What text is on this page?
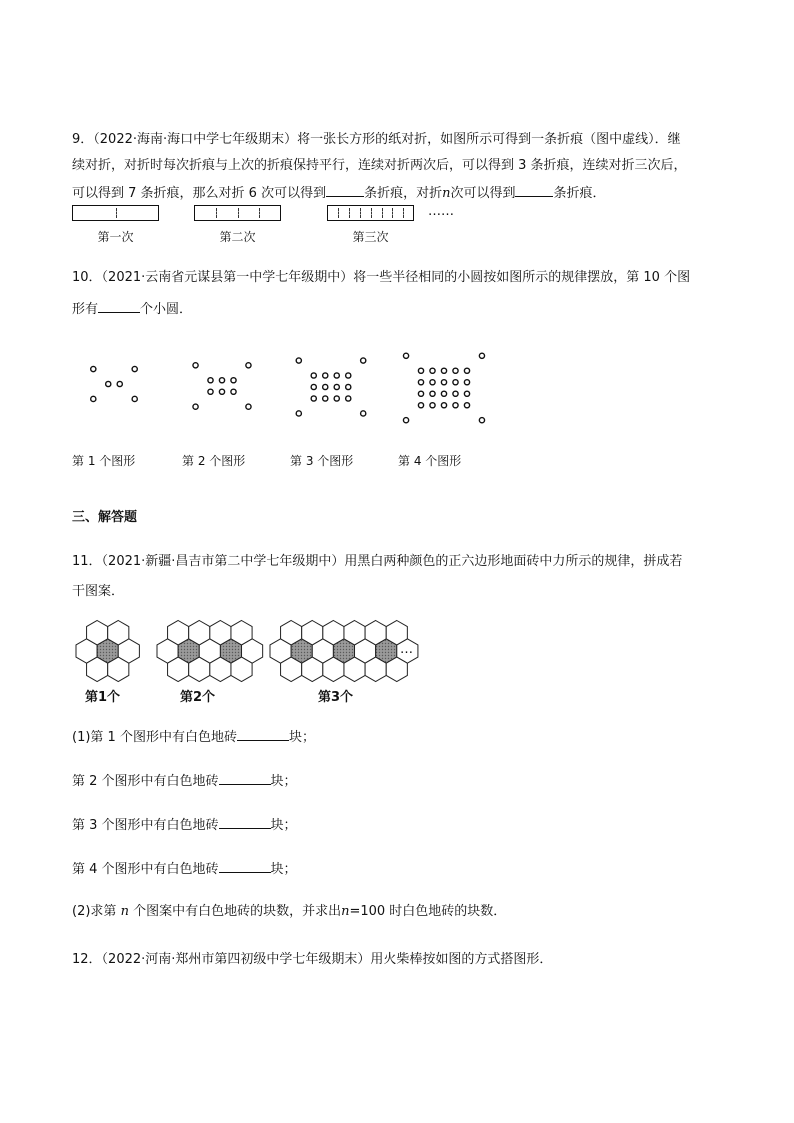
9．（2022·海南·海口中学七年级期末）将一张长方形的纸对折，如图所示可得到一条折痕（图中虚线）．继
续对折，对折时每次折痕与上次的折痕保持平行，连续对折两次后，可以得到 3 条折痕，连续对折三次后，
可以得到 7 条折痕，那么对折 6 次可以得到	条折痕，对折n次可以得到	条折痕．
……
第一次	第二次	第三次
10．（2021·云南省元谋县第一中学七年级期中）将一些半径相同的小圆按如图所示的规律摆放，第 10 个图
形有	个小圆．
第 1 个图形	第 2 个图形	第 3 个图形	第 4 个图形
三、解答题
11．（2021·新疆·昌吉市第二中学七年级期中）用黑白两种颜色的正六边形地面砖中力所示的规律，拼成若
干图案．
…
第1个	第2个	第3个
(1)第 1 个图形中有白色地砖	块；
第 2 个图形中有白色地砖	块；
第 3 个图形中有白色地砖	块；
第 4 个图形中有白色地砖	块；
(2)求第 n 个图案中有白色地砖的块数，并求出n=100 时白色地砖的块数．
12．（2022·河南·郑州市第四初级中学七年级期末）用火柴棒按如图的方式搭图形．
